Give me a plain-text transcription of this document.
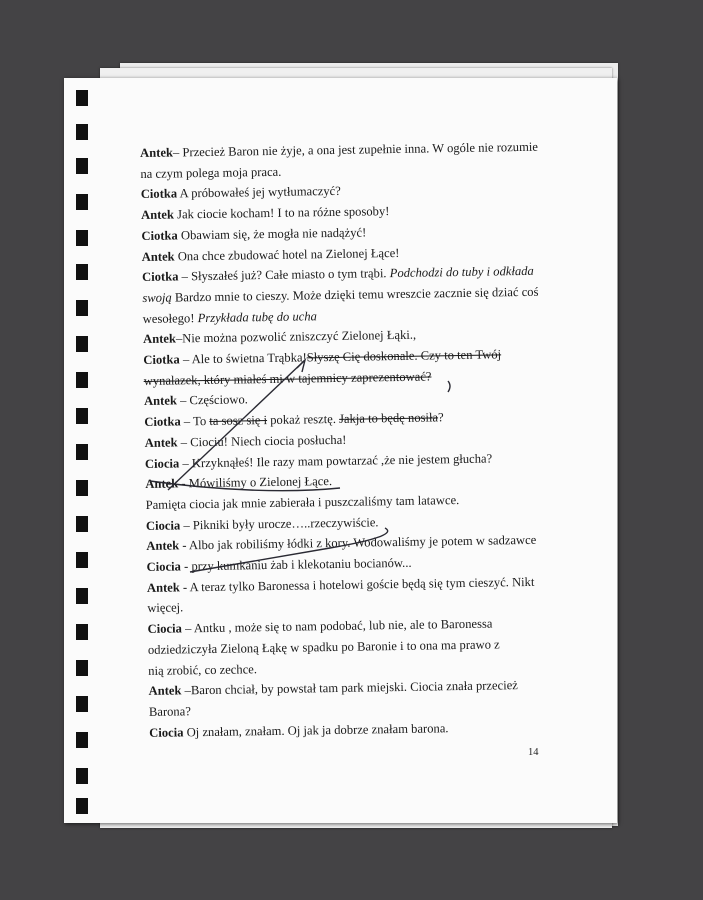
Antek– Przecież Baron nie żyje, a ona jest zupełnie inna. W ogóle nie rozumie
na czym polega moja praca.
Ciotka A próbowałeś jej wytłumaczyć?
Antek Jak ciocie kocham! I to na różne sposoby!
Ciotka Obawiam się, że mogła nie nadążyć!
Antek Ona chce zbudować hotel na Zielonej Łące!
Ciotka – Słyszałeś już? Całe miasto o tym trąbi. Podchodzi do tuby i odkłada
swoją Bardzo mnie to cieszy. Może dzięki temu wreszcie zacznie się dziać coś
wesołego! Przykłada tubę do ucha
Antek–Nie można pozwolić zniszczyć Zielonej Łąki.,
Ciotka – Ale to świetna Trąbka!Słyszę Cię doskonale. Czy to ten Twój
wynalazek, który miałeś mi w tajemnicy zaprezentować?
Antek – Częściowo.
Ciotka – To ta sosz się i pokaż resztę. Jakja to będę nosiła?
Antek – Ciociu! Niech ciocia posłucha!
Ciocia – Krzyknąłeś! Ile razy mam powtarzać ,że nie jestem głucha?
Antek - Mówiliśmy o Zielonej Łące.
Pamięta ciocia jak mnie zabierała i puszczaliśmy tam latawce.
Ciocia – Pikniki były urocze…..rzeczywiście.
Antek - Albo jak robiliśmy łódki z kory. Wodowaliśmy je potem w sadzawce
Ciocia - przy kumkaniu żab i klekotaniu bocianów...
Antek - A teraz tylko Baronessa i hotelowi goście będą się tym cieszyć. Nikt
więcej.
Ciocia – Antku , może się to nam podobać, lub nie, ale to Baronessa
odziedziczyła Zieloną Łąkę w spadku po Baronie i to ona ma prawo z
nią zrobić, co zechce.
Antek –Baron chciał, by powstał tam park miejski. Ciocia znała przecież
Barona?
Ciocia Oj znałam, znałam. Oj jak ja dobrze znałam barona.
14
